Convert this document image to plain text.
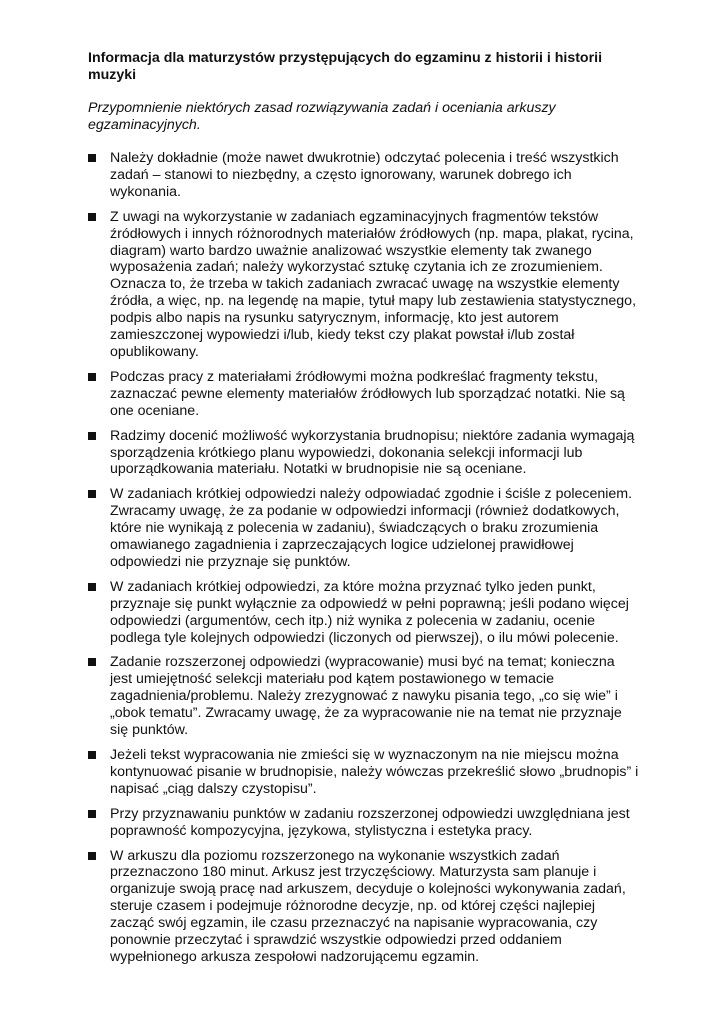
Informacja dla maturzystów przystępujących do egzaminu z historii i historii muzyki

Przypomnienie niektórych zasad rozwiązywania zadań i oceniania arkuszy egzaminacyjnych.

Należy dokładnie (może nawet dwukrotnie) odczytać polecenia i treść wszystkich zadań – stanowi to niezbędny, a często ignorowany, warunek dobrego ich wykonania.
Z uwagi na wykorzystanie w zadaniach egzaminacyjnych fragmentów tekstów źródłowych i innych różnorodnych materiałów źródłowych (np. mapa, plakat, rycina, diagram) warto bardzo uważnie analizować wszystkie elementy tak zwanego wyposażenia zadań; należy wykorzystać sztukę czytania ich ze zrozumieniem. Oznacza to, że trzeba w takich zadaniach zwracać uwagę na wszystkie elementy źródła, a więc, np. na legendę na mapie, tytuł mapy lub zestawienia statystycznego, podpis albo napis na rysunku satyrycznym, informację, kto jest autorem zamieszczonej wypowiedzi i/lub, kiedy tekst czy plakat powstał i/lub został opublikowany.
Podczas pracy z materiałami źródłowymi można podkreślać fragmenty tekstu, zaznaczać pewne elementy materiałów źródłowych lub sporządzać notatki. Nie są one oceniane.
Radzimy docenić możliwość wykorzystania brudnopisu; niektóre zadania wymagają sporządzenia krótkiego planu wypowiedzi, dokonania selekcji informacji lub uporządkowania materiału. Notatki w brudnopisie nie są oceniane.
W zadaniach krótkiej odpowiedzi należy odpowiadać zgodnie i ściśle z poleceniem. Zwracamy uwagę, że za podanie w odpowiedzi informacji (również dodatkowych, które nie wynikają z polecenia w zadaniu), świadczących o braku zrozumienia omawianego zagadnienia i zaprzeczających logice udzielonej prawidłowej odpowiedzi nie przyznaje się punktów.
W zadaniach krótkiej odpowiedzi, za które można przyznać tylko jeden punkt, przyznaje się punkt wyłącznie za odpowiedź w pełni poprawną; jeśli podano więcej odpowiedzi (argumentów, cech itp.) niż wynika z polecenia w zadaniu, ocenie podlega tyle kolejnych odpowiedzi (liczonych od pierwszej), o ilu mówi polecenie.
Zadanie rozszerzonej odpowiedzi (wypracowanie) musi być na temat; konieczna jest umiejętność selekcji materiału pod kątem postawionego w temacie zagadnienia/problemu. Należy zrezygnować z nawyku pisania tego, „co się wie” i „obok tematu”. Zwracamy uwagę, że za wypracowanie nie na temat nie przyznaje się punktów.
Jeżeli tekst wypracowania nie zmieści się w wyznaczonym na nie miejscu można kontynuować pisanie w brudnopisie, należy wówczas przekreślić słowo „brudnopis” i napisać „ciąg dalszy czystopisu”.
Przy przyznawaniu punktów w zadaniu rozszerzonej odpowiedzi uwzględniana jest poprawność kompozycyjna, językowa, stylistyczna i estetyka pracy.
W arkuszu dla poziomu rozszerzonego na wykonanie wszystkich zadań przeznaczono 180 minut. Arkusz jest trzyczęściowy. Maturzysta sam planuje i organizuje swoją pracę nad arkuszem, decyduje o kolejności wykonywania zadań, steruje czasem i podejmuje różnorodne decyzje, np. od której części najlepiej zacząć swój egzamin, ile czasu przeznaczyć na napisanie wypracowania, czy ponownie przeczytać i sprawdzić wszystkie odpowiedzi przed oddaniem wypełnionego arkusza zespołowi nadzorującemu egzamin.
